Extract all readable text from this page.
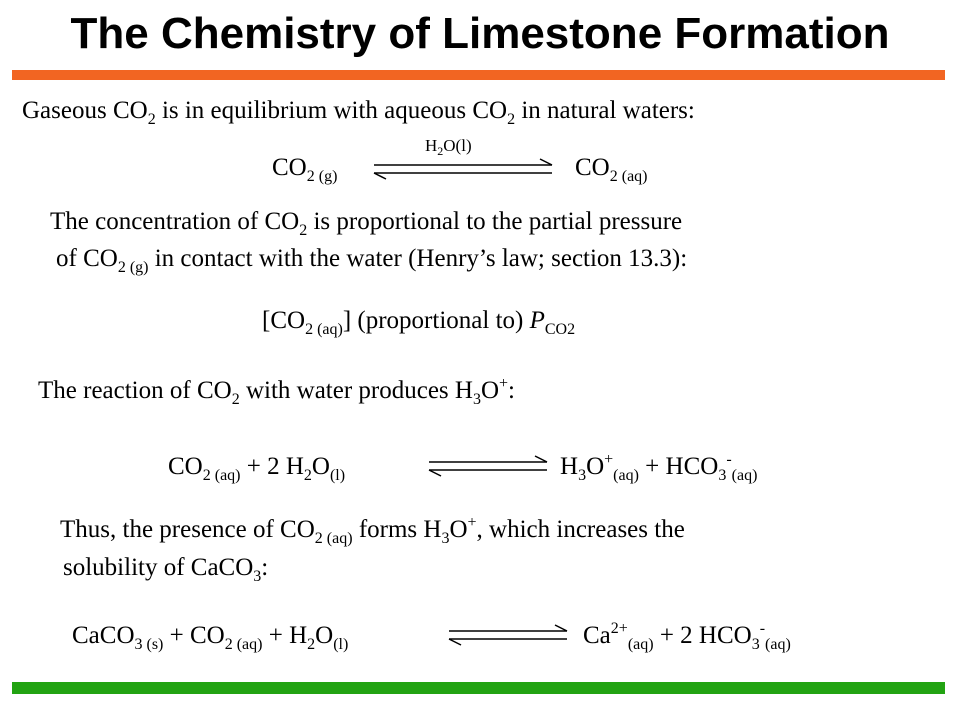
The Chemistry of Limestone Formation
Gaseous $CO_2$ is in equilibrium with aqueous $CO_2$ in natural waters:
$H_2O(l)$
$CO_{2 (g)}$	$CO_{2 (aq)}$
The concentration of $CO_2$ is proportional to the partial pressure
of $CO_{2 (g)}$ in contact with the water (Henry’s law; section 13.3):
$[CO_{2 (aq)}]$ (proportional to) $P_{CO2}$
The reaction of $CO_2$ with water produces $H_3O^+$:
$CO_{2 (aq)} + 2$ $H_2O_{(l)}$	$H_3O^+_{(aq)} + HCO_3^-_{(aq)}$
Thus, the presence of $CO_{2 (aq)}$ forms $H_3O^+$, which increases the
solubility of CaCO$_3$:
CaCO$_{3 (s)}$ + $CO_{2 (aq)} + H_2O_{(l)}$	$Ca^{2+}_{(aq)} + 2$ $HCO_3^-_{(aq)}$
